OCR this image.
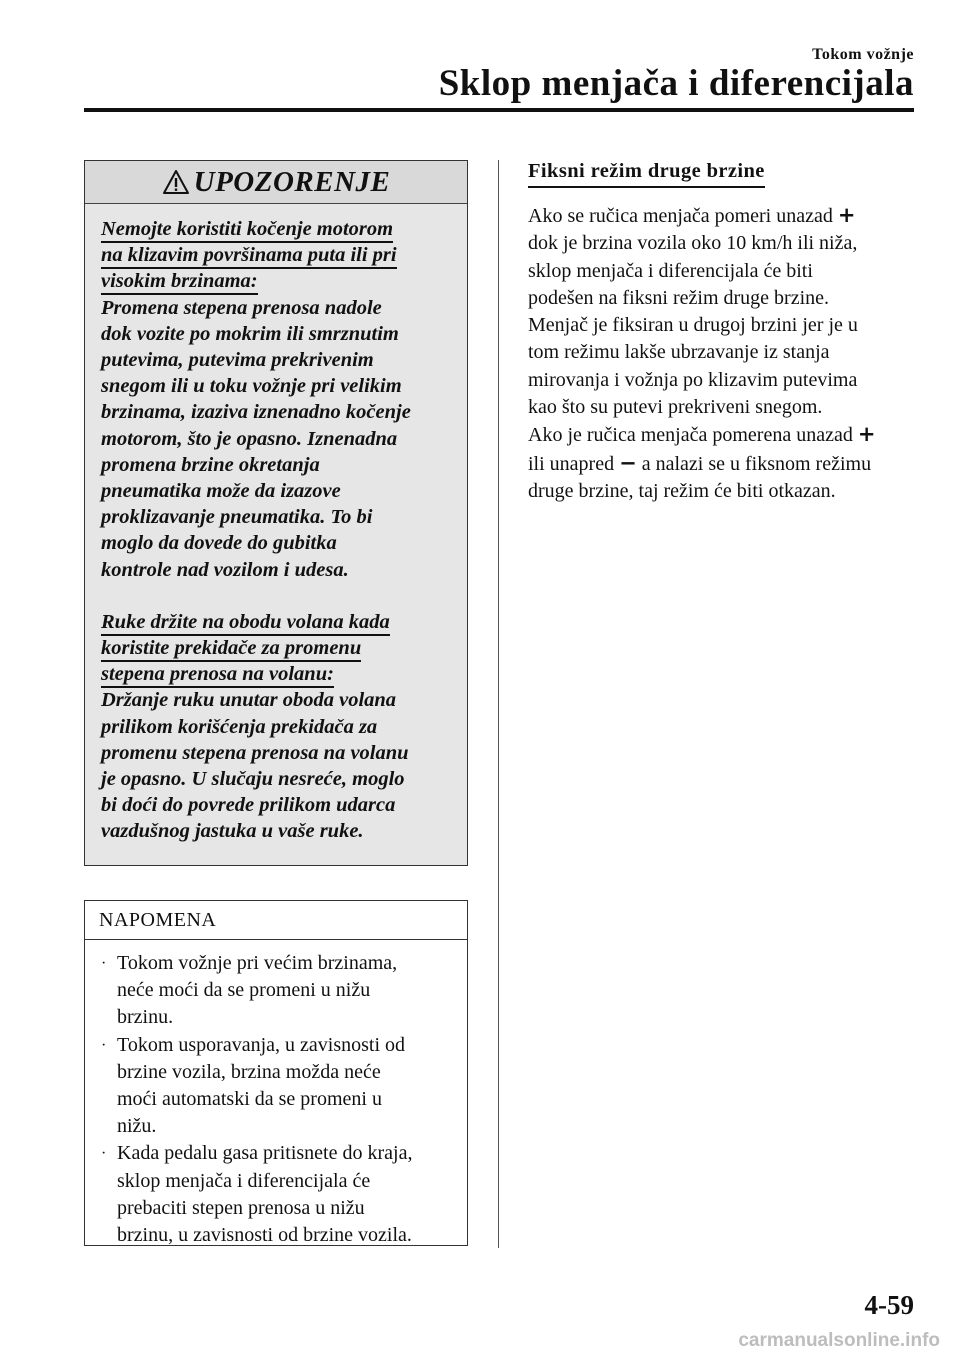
Tokom vožnje
Sklop menjača i diferencijala
UPOZORENJE

Nemojte koristiti kočenje motorom
na klizavim površinama puta ili pri
visokim brzinama:

Promena stepena prenosa nadole
dok vozite po mokrim ili smrznutim
putevima, putevima prekrivenim
snegom ili u toku vožnje pri velikim
brzinama, izaziva iznenadno kočenje
motorom, što je opasno. Iznenadna
promena brzine okretanja
pneumatika može da izazove
proklizavanje pneumatika. To bi
moglo da dovede do gubitka
kontrole nad vozilom i udesa.

Ruke držite na obodu volana kada
koristite prekidače za promenu
stepena prenosa na volanu:

Držanje ruku unutar oboda volana
prilikom korišćenja prekidača za
promenu stepena prenosa na volanu
je opasno. U slučaju nesreće, moglo
bi doći do povrede prilikom udarca
vazdušnog jastuka u vaše ruke.

NAPOMENA
· Tokom vožnje pri većim brzinama,
neće moći da se promeni u nižu
brzinu.
· Tokom usporavanja, u zavisnosti od
brzine vozila, brzina možda neće
moći automatski da se promeni u
nižu.
· Kada pedalu gasa pritisnete do kraja,
sklop menjača i diferencijala će
prebaciti stepen prenosa u nižu
brzinu, u zavisnosti od brzine vozila.
Fiksni režim druge brzine

Ako se ručica menjača pomeri unazad +
dok je brzina vozila oko 10 km/h ili niža,
sklop menjača i diferencijala će biti
podešen na fiksni režim druge brzine.
Menjač je fiksiran u drugoj brzini jer je u
tom režimu lakše ubrzavanje iz stanja
mirovanja i vožnja po klizavim putevima
kao što su putevi prekriveni snegom.
Ako je ručica menjača pomerena unazad +
ili unapred − a nalazi se u fiksnom režimu
druge brzine, taj režim će biti otkazan.

4-59
carmanualsonline.info
